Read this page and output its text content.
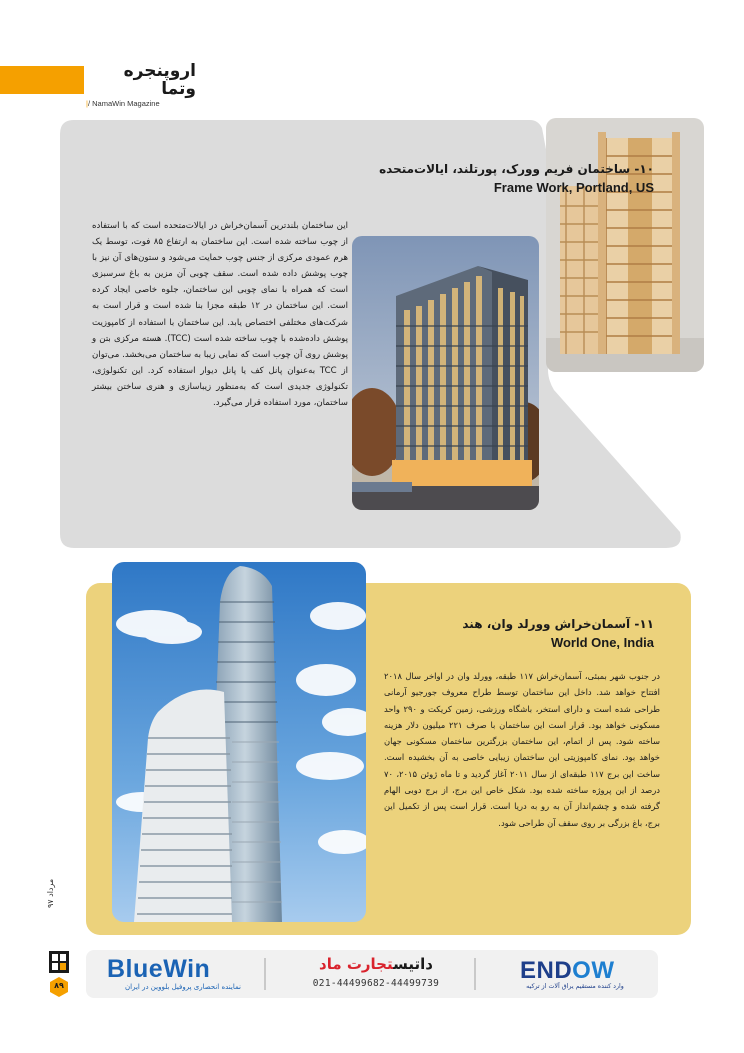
اروپنجره وتما
|/ NamaWin Magazine
۱۰- ساختمان فریم وورک، پورتلند، ایالات‌متحده
Frame Work, Portland, US
این ساختمان بلندترین آسمان‌خراش در ایالات‌متحده است که با استفاده از چوب ساخته شده است. این ساختمان به ارتفاع ۸۵ فوت، توسط یک هرم عمودی مرکزی از جنس چوب حمایت می‌شود و ستون‌های آن نیز با چوب پوشش داده شده است. سقف چوبی آن مزین به باغ سرسبزی است که همراه با نمای چوبی این ساختمان، جلوه خاصی ایجاد کرده است. این ساختمان در ۱۲ طبقه مجزا بنا شده است و قرار است به شرکت‌های مختلفی اختصاص یابد. این ساختمان با استفاده از کامپوزیت پوشش داده‌شده با چوب ساخته شده است (TCC). هسته مرکزی بتن و پوشش روی آن چوب است که نمایی زیبا به ساختمان می‌بخشد. می‌توان از TCC به‌عنوان پانل کف یا پانل دیوار استفاده کرد. این تکنولوژی، تکنولوژی جدیدی است که به‌منظور زیباسازی و هنری ساختن بیشتر ساختمان، مورد استفاده قرار می‌گیرد.
۱۱- آسمان‌خراش وورلد وان، هند
World One, India
در جنوب شهر بمبئی، آسمان‌خراش ۱۱۷ طبقه، وورلد وان در اواخر سال ۲۰۱۸ افتتاح خواهد شد. داخل این ساختمان توسط طراح معروف جورجیو آرمانی طراحی شده است و دارای استخر، باشگاه ورزشی، زمین کریکت و ۲۹۰ واحد مسکونی خواهد بود. قرار است این ساختمان با صرف ۲۲۱ میلیون دلار هزینه ساخته شود. پس از اتمام، این ساختمان بزرگترین ساختمان مسکونی جهان خواهد بود. نمای کامپوزیتی این ساختمان زیبایی خاصی به آن بخشیده است. ساخت این برج ۱۱۷ طبقه‌ای از سال ۲۰۱۱ آغاز گردید و تا ماه ژوئن ۲۰۱۵، ۷۰ درصد از این پروژه ساخته شده بود. شکل خاص این برج، از برج دوبی الهام گرفته شده و چشم‌انداز آن به رو به دریا است. قرار است پس از تکمیل این برج، باغ بزرگی بر روی سقف آن طراحی شود.
مرداد ۹۷
۸۹
BlueWin
نماینده انحصاری پروفیل بلووین در ایران
داتیستجارت ماد
021-44499682-44499739	ENDOW
وارد کننده مستقیم یراق آلات از ترکیه
